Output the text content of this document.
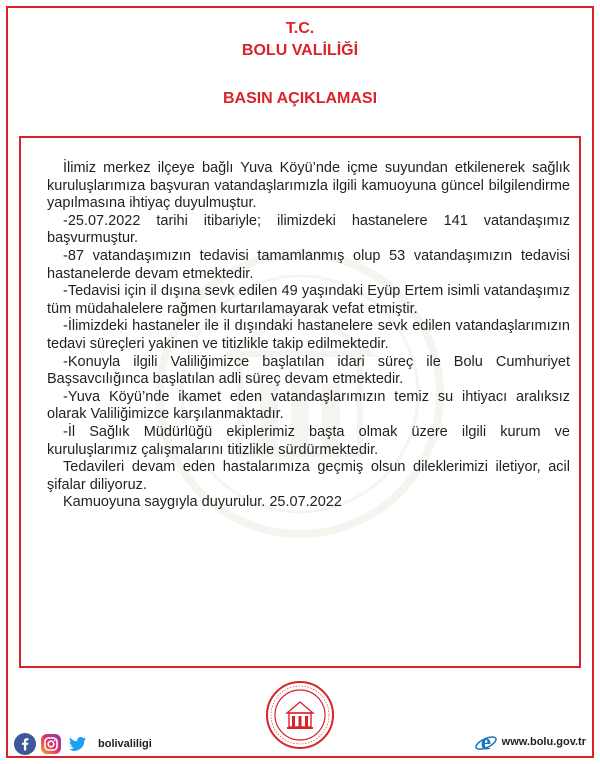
T.C.
BOLU VALİLİĞİ
BASIN AÇIKLAMASI

İlimiz merkez ilçeye bağlı Yuva Köyü’nde içme suyundan etkilenerek sağlık kuruluşlarımıza başvuran vatandaşlarımızla ilgili kamuoyuna güncel bilgilendirme yapılmasına ihtiyaç duyulmuştur.

-25.07.2022 tarihi itibariyle; ilimizdeki hastanelere 141 vatandaşımız başvurmuştur.

-87 vatandaşımızın tedavisi tamamlanmış olup 53 vatandaşımızın tedavisi hastanelerde devam etmektedir.

-Tedavisi için il dışına sevk edilen 49 yaşındaki Eyüp Ertem isimli vatandaşımız tüm müdahalelere rağmen kurtarılamayarak vefat etmiştir.

-İlimizdeki hastaneler ile il dışındaki hastanelere sevk edilen vatandaşlarımızın tedavi süreçleri yakinen ve titizlikle takip edilmektedir.

-Konuyla ilgili Valiliğimizce başlatılan idari süreç ile Bolu Cumhuriyet Başsavcılığınca başlatılan adli süreç devam etmektedir.

-Yuva Köyü’nde ikamet eden vatandaşlarımızın temiz su ihtiyacı aralıksız olarak Valiliğimizce karşılanmaktadır.

-İl Sağlık Müdürlüğü ekiplerimiz başta olmak üzere ilgili kurum ve kuruluşlarımız çalışmalarını titizlikle sürdürmektedir.

Tedavileri devam eden hastalarımıza geçmiş olsun dileklerimizi iletiyor, acil şifalar diliyoruz.

Kamuoyuna saygıyla duyurulur. 25.07.2022

bolivaliligi	e www.bolu.gov.tr
